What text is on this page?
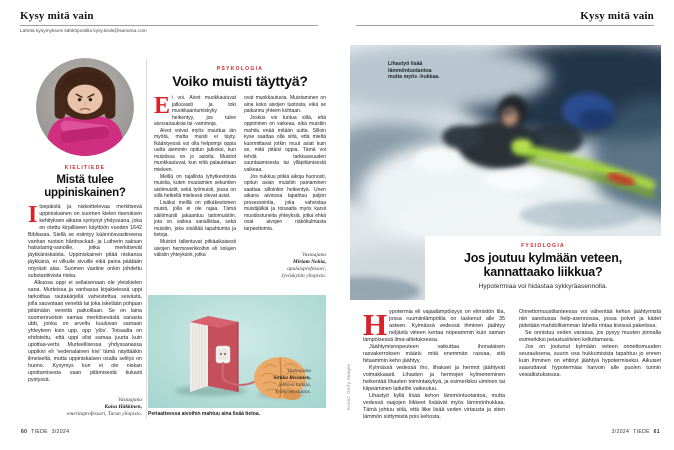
Kysy mitä vain
Lähetä kysymyksesi sähköpostilla kysy.tiede@sanoma.com
Kysy mitä vain
KIELITIEDE
Mistä tulee uppiniskainen?

Itsepäistä ja niskoittelevaa merkitsevä uppiniskainen on suomen kielen itsenäisen kehityksen aikana syntynyt yhdyssana, joka on otettu kirjalliseen käyttöön vuoden 1642 Bibliassa. Siellä se esiintyy käännösvastineena vanhan ruotsin hårdnackad- ja Lutherin saksan halsstarrig-sanoille, jotka merkitsevät jäykkäniskaista. Uppiniskainen pitää niskansa jäykkänä, ei vilkuile sivuille eikä paina päätään nöyrästi alas. Suomen vastine onkin johdettu substantiivista niska.

Alkuosa uppi ei sellaisenaan ole yleiskielen sana. Murteissa ja vanhassa kirjakielessä uppi tarkoittaa rautakärjellä vahvistettua seivästä, jolla sauvotaan venettä tai joka isketään pohjaan pitämään venettä paikoillaan. Se on laina suomenruotsin samaa merkitsevästä sanasta ubb, jonka on arveltu kuuluvan samaan yhteyteen kuin upp, opp ’ylös’. Toisaalta on ehdotettu, että uppi olisi samaa juurta kuin upottaa-verbi. Murteellisessa yhdyssanassa uppikivi eli ’vedenalainen kivi’ tämä näyttääkin ilmeiseltä, mutta uppiniskaisen osalta selitys on huono. Kysymys kun ei ole niskan upottamisesta vaan pitämisestä tiukasti pystyssä.

Vastaajana
Kaisa Häkkinen,
emeritaprofessori, Turun yliopisto.
PSYKOLOGIA
Voiko muisti täyttyä?

Ei voi. Aivot muokkautuvat jatkuvasti ja toki muokkaantumiskyky heikentyy, jos tulee aivosairauksia tai -vammoja.

Aivot voivat myös muuttua iän myötä, mutta muisti ei täyty. Ikääntyessä voi olla helpompi oppia uutta aiemmin opitun jatkoksi, kun muistissa on jo asioita. Muistot muokkautuvat, kun niitä palautetaan mieleen.

Meillä on rajallista lyhytkestoista muistia, kuten muutamien sekuntien aistimuistit, sekä työmuisti, jossa on sillä hetkellä mielessä olevat asiat.

Lisäksi meillä on pitkäkestoinen muisti, jolla ei ole rajaa. Tämä säilömuisti jakaantuu taitomuistiin, jota on vaikea sanallistaa, sekä muistiin, joka sisältää tapahtumia ja tietoja.

Muistot tallentuvat pitkäaikaisesti aivojen hermoverkkoihin eli solujen välisiin yhteyksiin, jotka

ovat muokkautuvia. Muistaminen on aina koko aivojen tuotosta, eikä se paikannu yhteen kohtaan.

Joskus voi tuntua siltä, että oppiminen on vaikeaa, eikä muistiin mahdu enää mitään uutta. Silloin kyse saattaa olla siitä, että mieltä kuormittavat jotkin muut asiat kuin se, mitä pitäisi oppia. Tämä voi tehdä tarkkaavuuden suuntaamisesta tai ylläpitämisestä vaikeaa.

Jos nukkuu pitkiä aikoja huonosti, opitun asian muistiin painaminen saattaa silloinkin heikentyä. Unen aikana aivoissa tapahtuu paljon prosessointia, joka vahvistaa muistijälkiä ja toisaalta myös karsii muodostuneita yhteyksiä, jotka ehkä ovat aivojen näkökulmasta tarpeettomia.

Vastaajana
Miriam Nokia,
apulaisprofessori,
Jyväskylän yliopisto.
Periaatteessa aivoihin mahtuu aina lisää tietoa.
Lihastyö lisää lämmöntuotantoa mutta myös -hukkaa.
FYSIOLOGIA
Jos joutuu kylmään veteen,
kannattaako liikkua?
Hypotermiaa voi hidastaa sykkyräasennolla.

Hypotermia eli vajaalämpöisyys on elimistön tila, jossa ruumiinlämpötila on laskenut alle 35 asteen. Kylmässä vedessä ihminen jäähtyy neljästä viiteen kertaa nopeammin kuin saman lämpöisessä ilma-altistuksessa.

Jäähtymisnopeuteen vaikuttaa ihonalaisen rasvakerroksen määrä: mitä enemmän rasvaa, sitä hitaammin keho jäähtyy.

Kylmässä vedessä iho, lihakset ja hermot jäähtyvät voimakkaasti. Lihasten ja hermojen kylmeneminen heikentää lihasten toimintakykyä, ja esimerkiksi uiminen tai kiipeäminen laiturille vaikeutuu.

Lihastyö kyllä lisää kehon lämmöntuotantoa, mutta vedessä raajojen liikkeet lisäävät myös lämmönhukkaa. Tämä johtuu siitä, että liike lisää veden virtausta ja siten lämmön siirtymistä pois kehosta.

Onnettomuustilanteessa voi vähentää kehon jäähtymistä niin sanotussa help-asennossa, jossa polvet ja kädet pidetään mahdollisimman lähellä rintaa tiiviissä paketissa.

Se onnistuu veden varassa, jos pysyy muuten pinnalla esimerkiksi pelastusliivien kelluttamana.

Jos on joutunut kylmään veteen onnettomuuden seurauksena, suurin osa hukkumisista tapahtuu jo ennen kuin ihminen on ehtinyt jäähtyä hypotermiseksi. Aikuiset saavuttavat hypotermiaa harvoin alle puolen tunnin vesialtistuksessa.

Vastaajana
Sirkka Rissanen,
johtava tutkija,
Työterveyslaitos.	Kuvat: Getty Images
60 TIEDE 3/2024	3/2024 TIEDE 61
